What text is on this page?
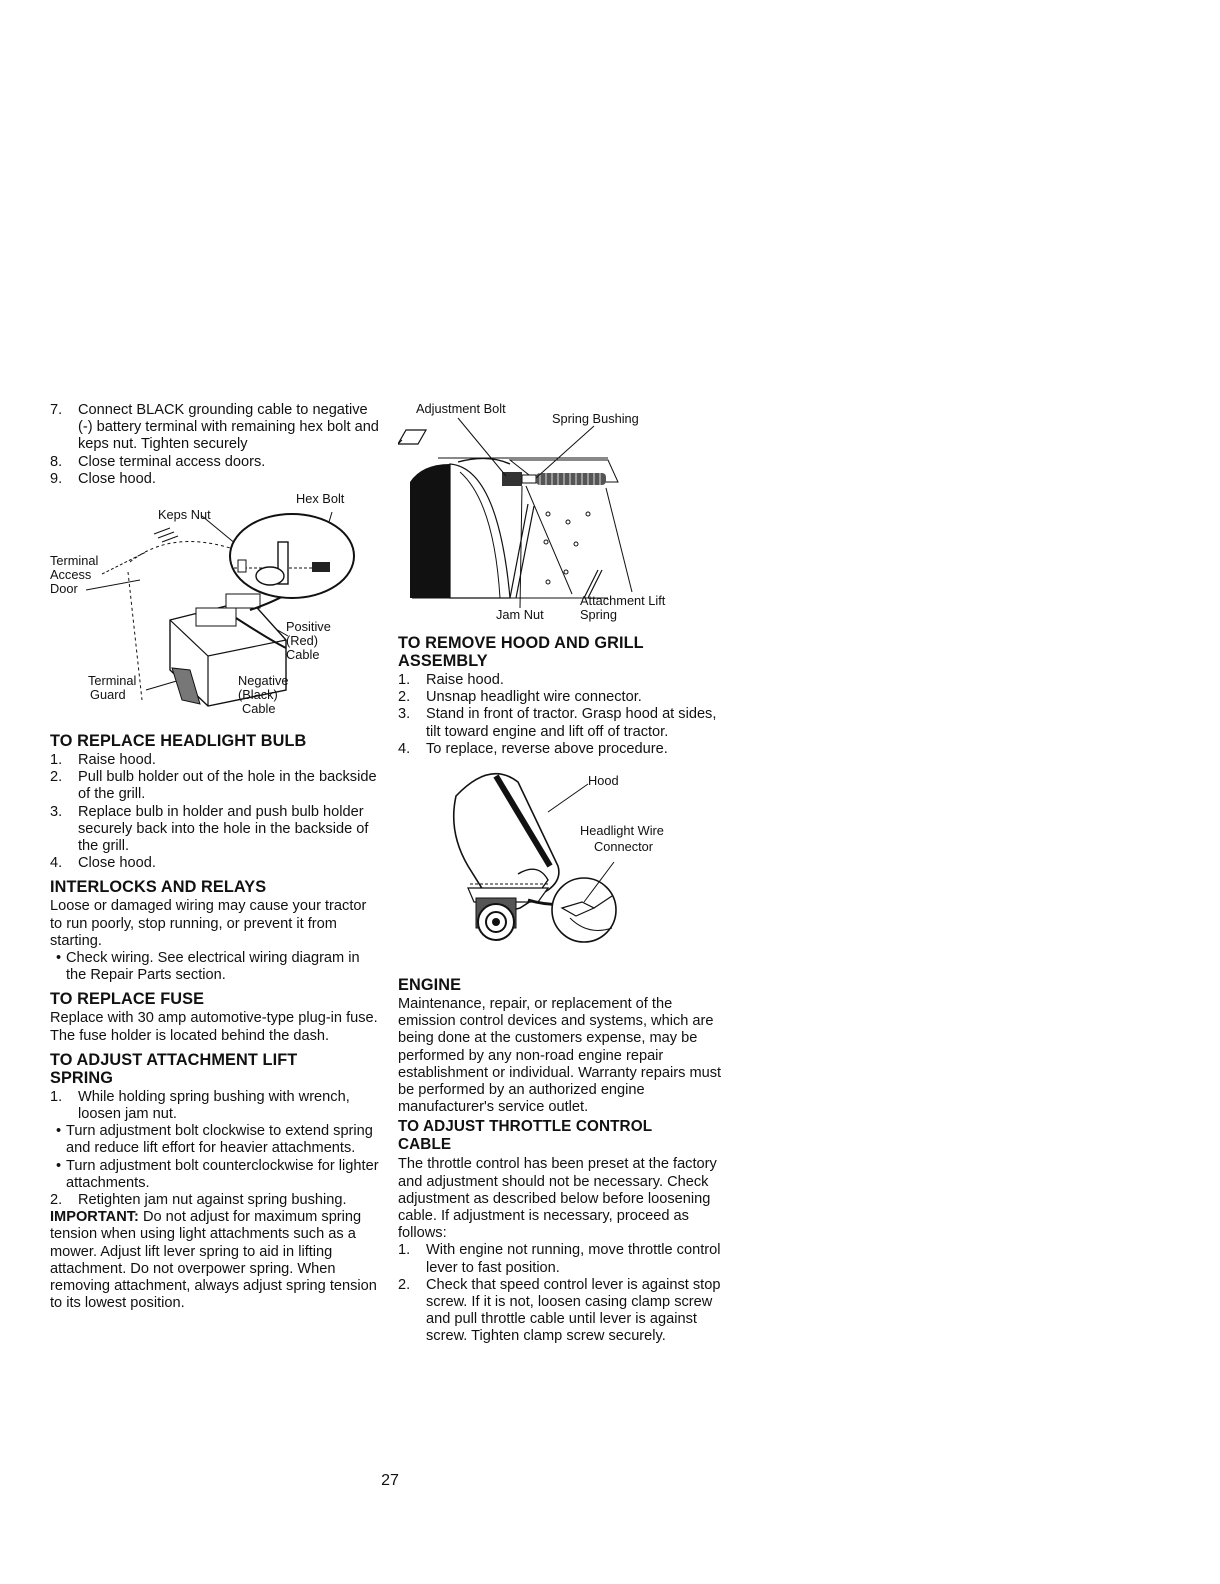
7. Connect BLACK grounding cable to negative (-) battery terminal with remaining hex bolt and keps nut. Tighten securely
8. Close terminal access doors.
9. Close hood.
Hex Bolt
Keps Nut
Terminal
Access
Door
Positive
(Red)
Cable
Terminal
Guard
Negative
(Black)
Cable
TO REPLACE HEADLIGHT BULB
1. Raise hood.
2. Pull bulb holder out of the hole in the backside of the grill.
3. Replace bulb in holder and push bulb holder securely back into the hole in the backside of the grill.
4. Close hood.
INTERLOCKS AND RELAYS

Loose or damaged wiring may cause your tractor to run poorly, stop running, or prevent it from starting.

• Check wiring. See electrical wiring diagram in the Repair Parts section.
TO REPLACE FUSE

Replace with 30 amp automotive-type plug-in fuse. The fuse holder is located behind the dash.

TO ADJUST ATTACHMENT LIFT
SPRING
1. While holding spring bushing with wrench, loosen jam nut.
• Turn adjustment bolt clockwise to extend spring and reduce lift effort for heavier attachments.
• Turn adjustment bolt counterclockwise for lighter attachments.
2. Retighten jam nut against spring bushing.

IMPORTANT: Do not adjust for maximum spring tension when using light attachments such as a mower. Adjust lift lever spring to aid in lifting attachment. Do not overpower spring. When removing attachment, always adjust spring tension to its lowest position.

Adjustment Bolt
Spring Bushing
Attachment Lift
Spring
Jam Nut
TO REMOVE HOOD AND GRILL
ASSEMBLY
1. Raise hood.
2. Unsnap headlight wire connector.
3. Stand in front of tractor. Grasp hood at sides, tilt toward engine and lift off of tractor.
4. To replace, reverse above procedure.
Hood
Headlight Wire
Connector
ENGINE

Maintenance, repair, or replacement of the emission control devices and systems, which are being done at the customers expense, may be performed by any non-road engine repair establishment or individual. Warranty repairs must be performed by an authorized engine manufacturer's service outlet.

TO ADJUST THROTTLE CONTROL
CABLE

The throttle control has been preset at the factory and adjustment should not be necessary. Check adjustment as described below before loosening cable. If adjustment is necessary, proceed as follows:

1. With engine not running, move throttle control lever to fast position.
2. Check that speed control lever is against stop screw. If it is not, loosen casing clamp screw and pull throttle cable until lever is against screw. Tighten clamp screw securely.
27
